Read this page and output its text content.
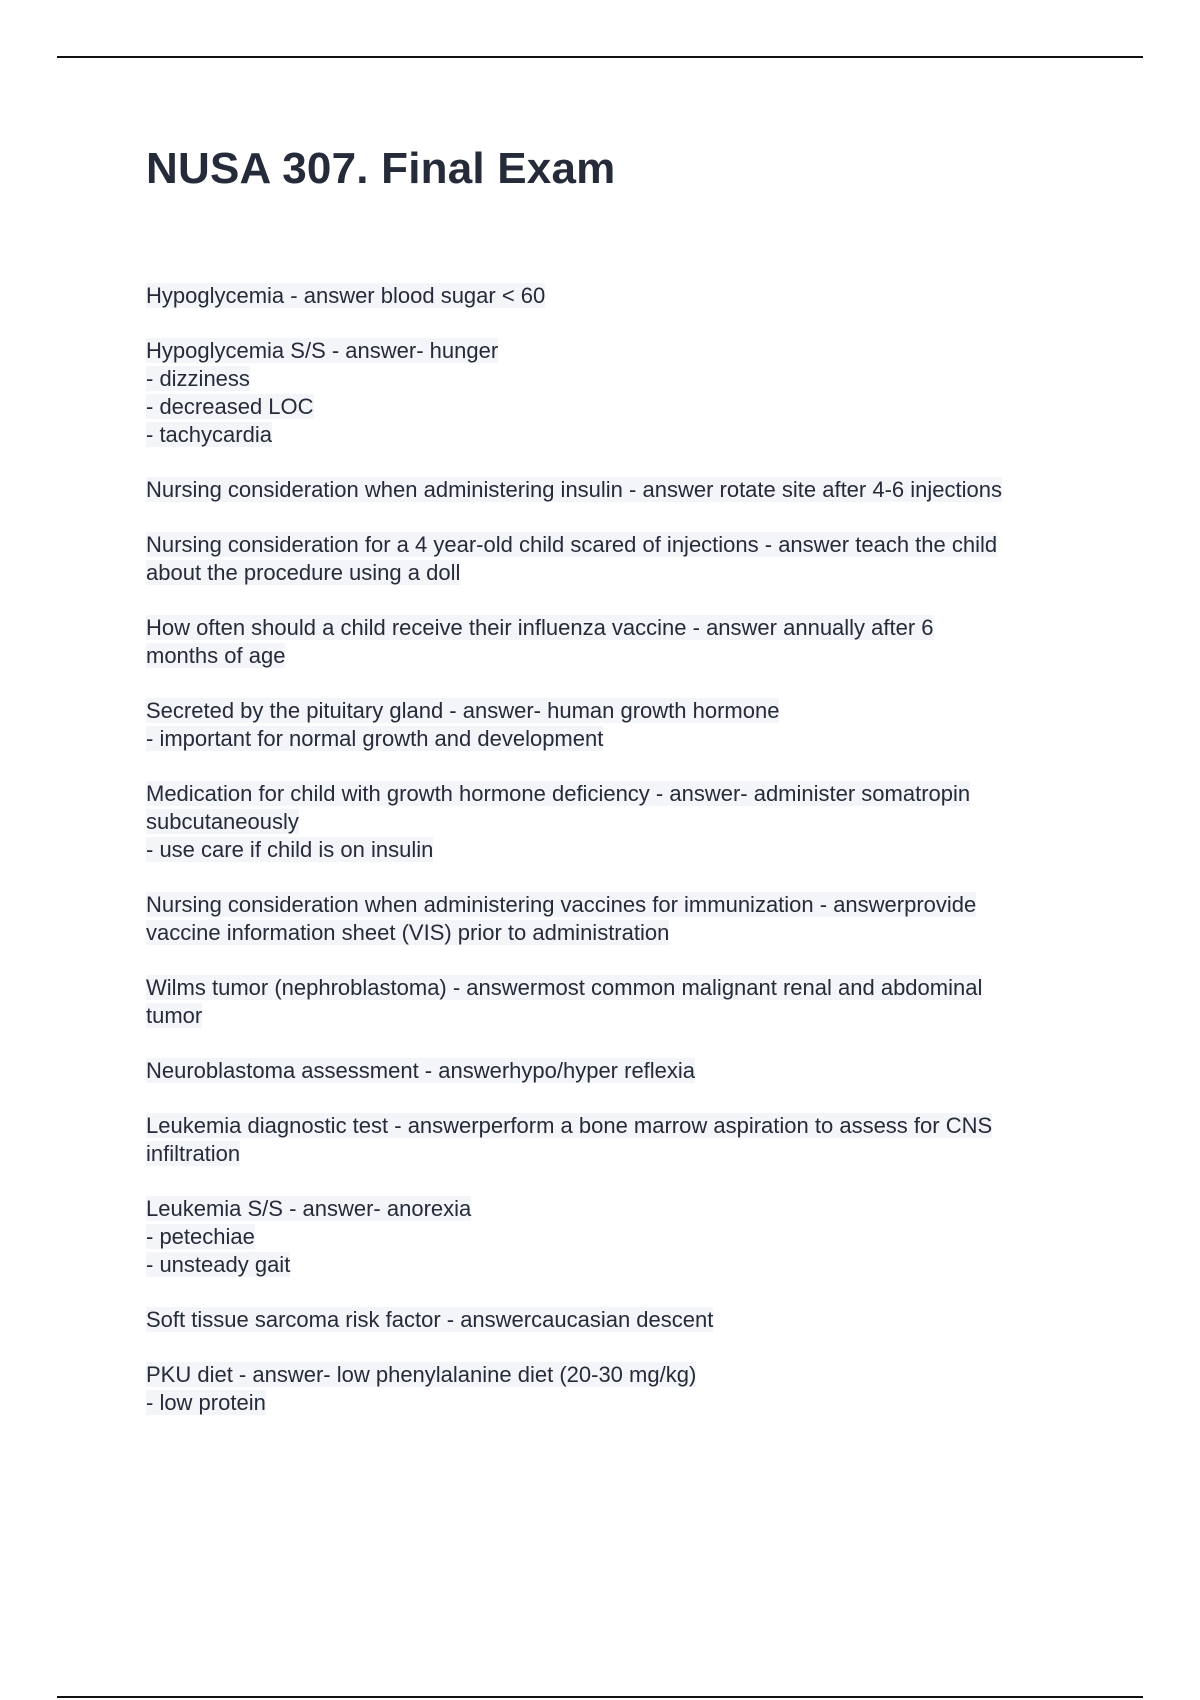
NUSA 307. Final Exam

Hypoglycemia - answer blood sugar < 60

Hypoglycemia S/S - answer- hunger
- dizziness
- decreased LOC
- tachycardia

Nursing consideration when administering insulin - answer rotate site after 4-6 injections

Nursing consideration for a 4 year-old child scared of injections - answer teach the child
about the procedure using a doll

How often should a child receive their influenza vaccine - answer annually after 6
months of age

Secreted by the pituitary gland - answer- human growth hormone
- important for normal growth and development

Medication for child with growth hormone deficiency - answer- administer somatropin
subcutaneously
- use care if child is on insulin

Nursing consideration when administering vaccines for immunization - answerprovide
vaccine information sheet (VIS) prior to administration

Wilms tumor (nephroblastoma) - answermost common malignant renal and abdominal
tumor

Neuroblastoma assessment - answerhypo/hyper reflexia

Leukemia diagnostic test - answerperform a bone marrow aspiration to assess for CNS
infiltration

Leukemia S/S - answer- anorexia
- petechiae
- unsteady gait

Soft tissue sarcoma risk factor - answercaucasian descent

PKU diet - answer- low phenylalanine diet (20-30 mg/kg)
- low protein
